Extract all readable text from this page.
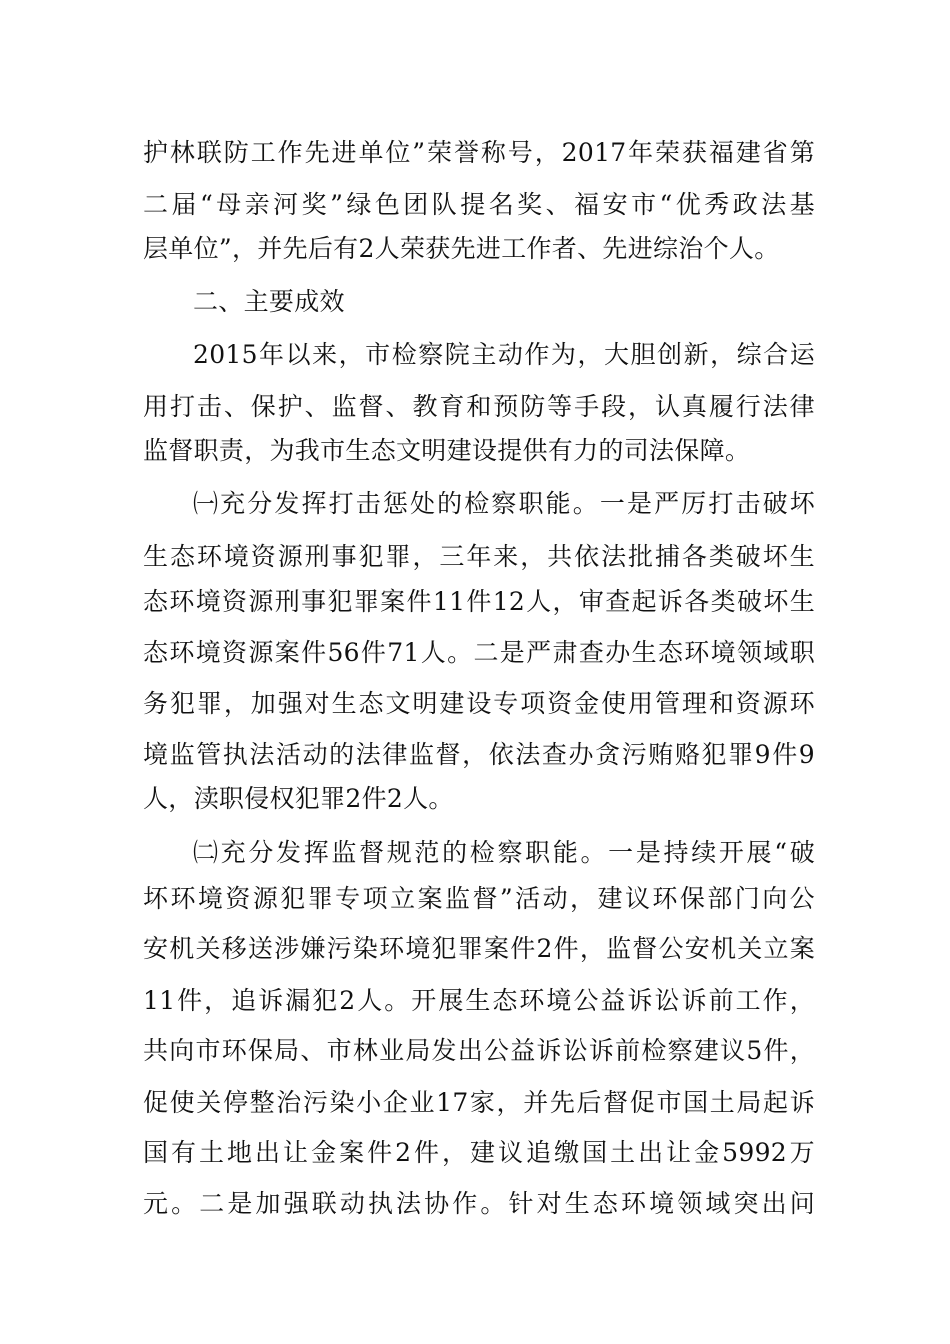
护林联防工作先进单位”荣誉称号，2017年荣获福建省第
二届“母亲河奖”绿色团队提名奖、福安市“优秀政法基
层单位”，并先后有2人荣获先进工作者、先进综治个人。
二、主要成效
2015年以来，市检察院主动作为，大胆创新，综合运
用打击、保护、监督、教育和预防等手段，认真履行法律
监督职责，为我市生态文明建设提供有力的司法保障。
㈠充分发挥打击惩处的检察职能。一是严厉打击破坏
生态环境资源刑事犯罪，三年来，共依法批捕各类破坏生
态环境资源刑事犯罪案件11件12人，审查起诉各类破坏生
态环境资源案件56件71人。二是严肃查办生态环境领域职
务犯罪，加强对生态文明建设专项资金使用管理和资源环
境监管执法活动的法律监督，依法查办贪污贿赂犯罪9件9
人，渎职侵权犯罪2件2人。
㈡充分发挥监督规范的检察职能。一是持续开展“破
坏环境资源犯罪专项立案监督”活动，建议环保部门向公
安机关移送涉嫌污染环境犯罪案件2件，监督公安机关立案
11件，追诉漏犯2人。开展生态环境公益诉讼诉前工作，
共向市环保局、市林业局发出公益诉讼诉前检察建议5件，
促使关停整治污染小企业17家，并先后督促市国土局起诉
国有土地出让金案件2件，建议追缴国土出让金5992万
元。二是加强联动执法协作。针对生态环境领域突出问
